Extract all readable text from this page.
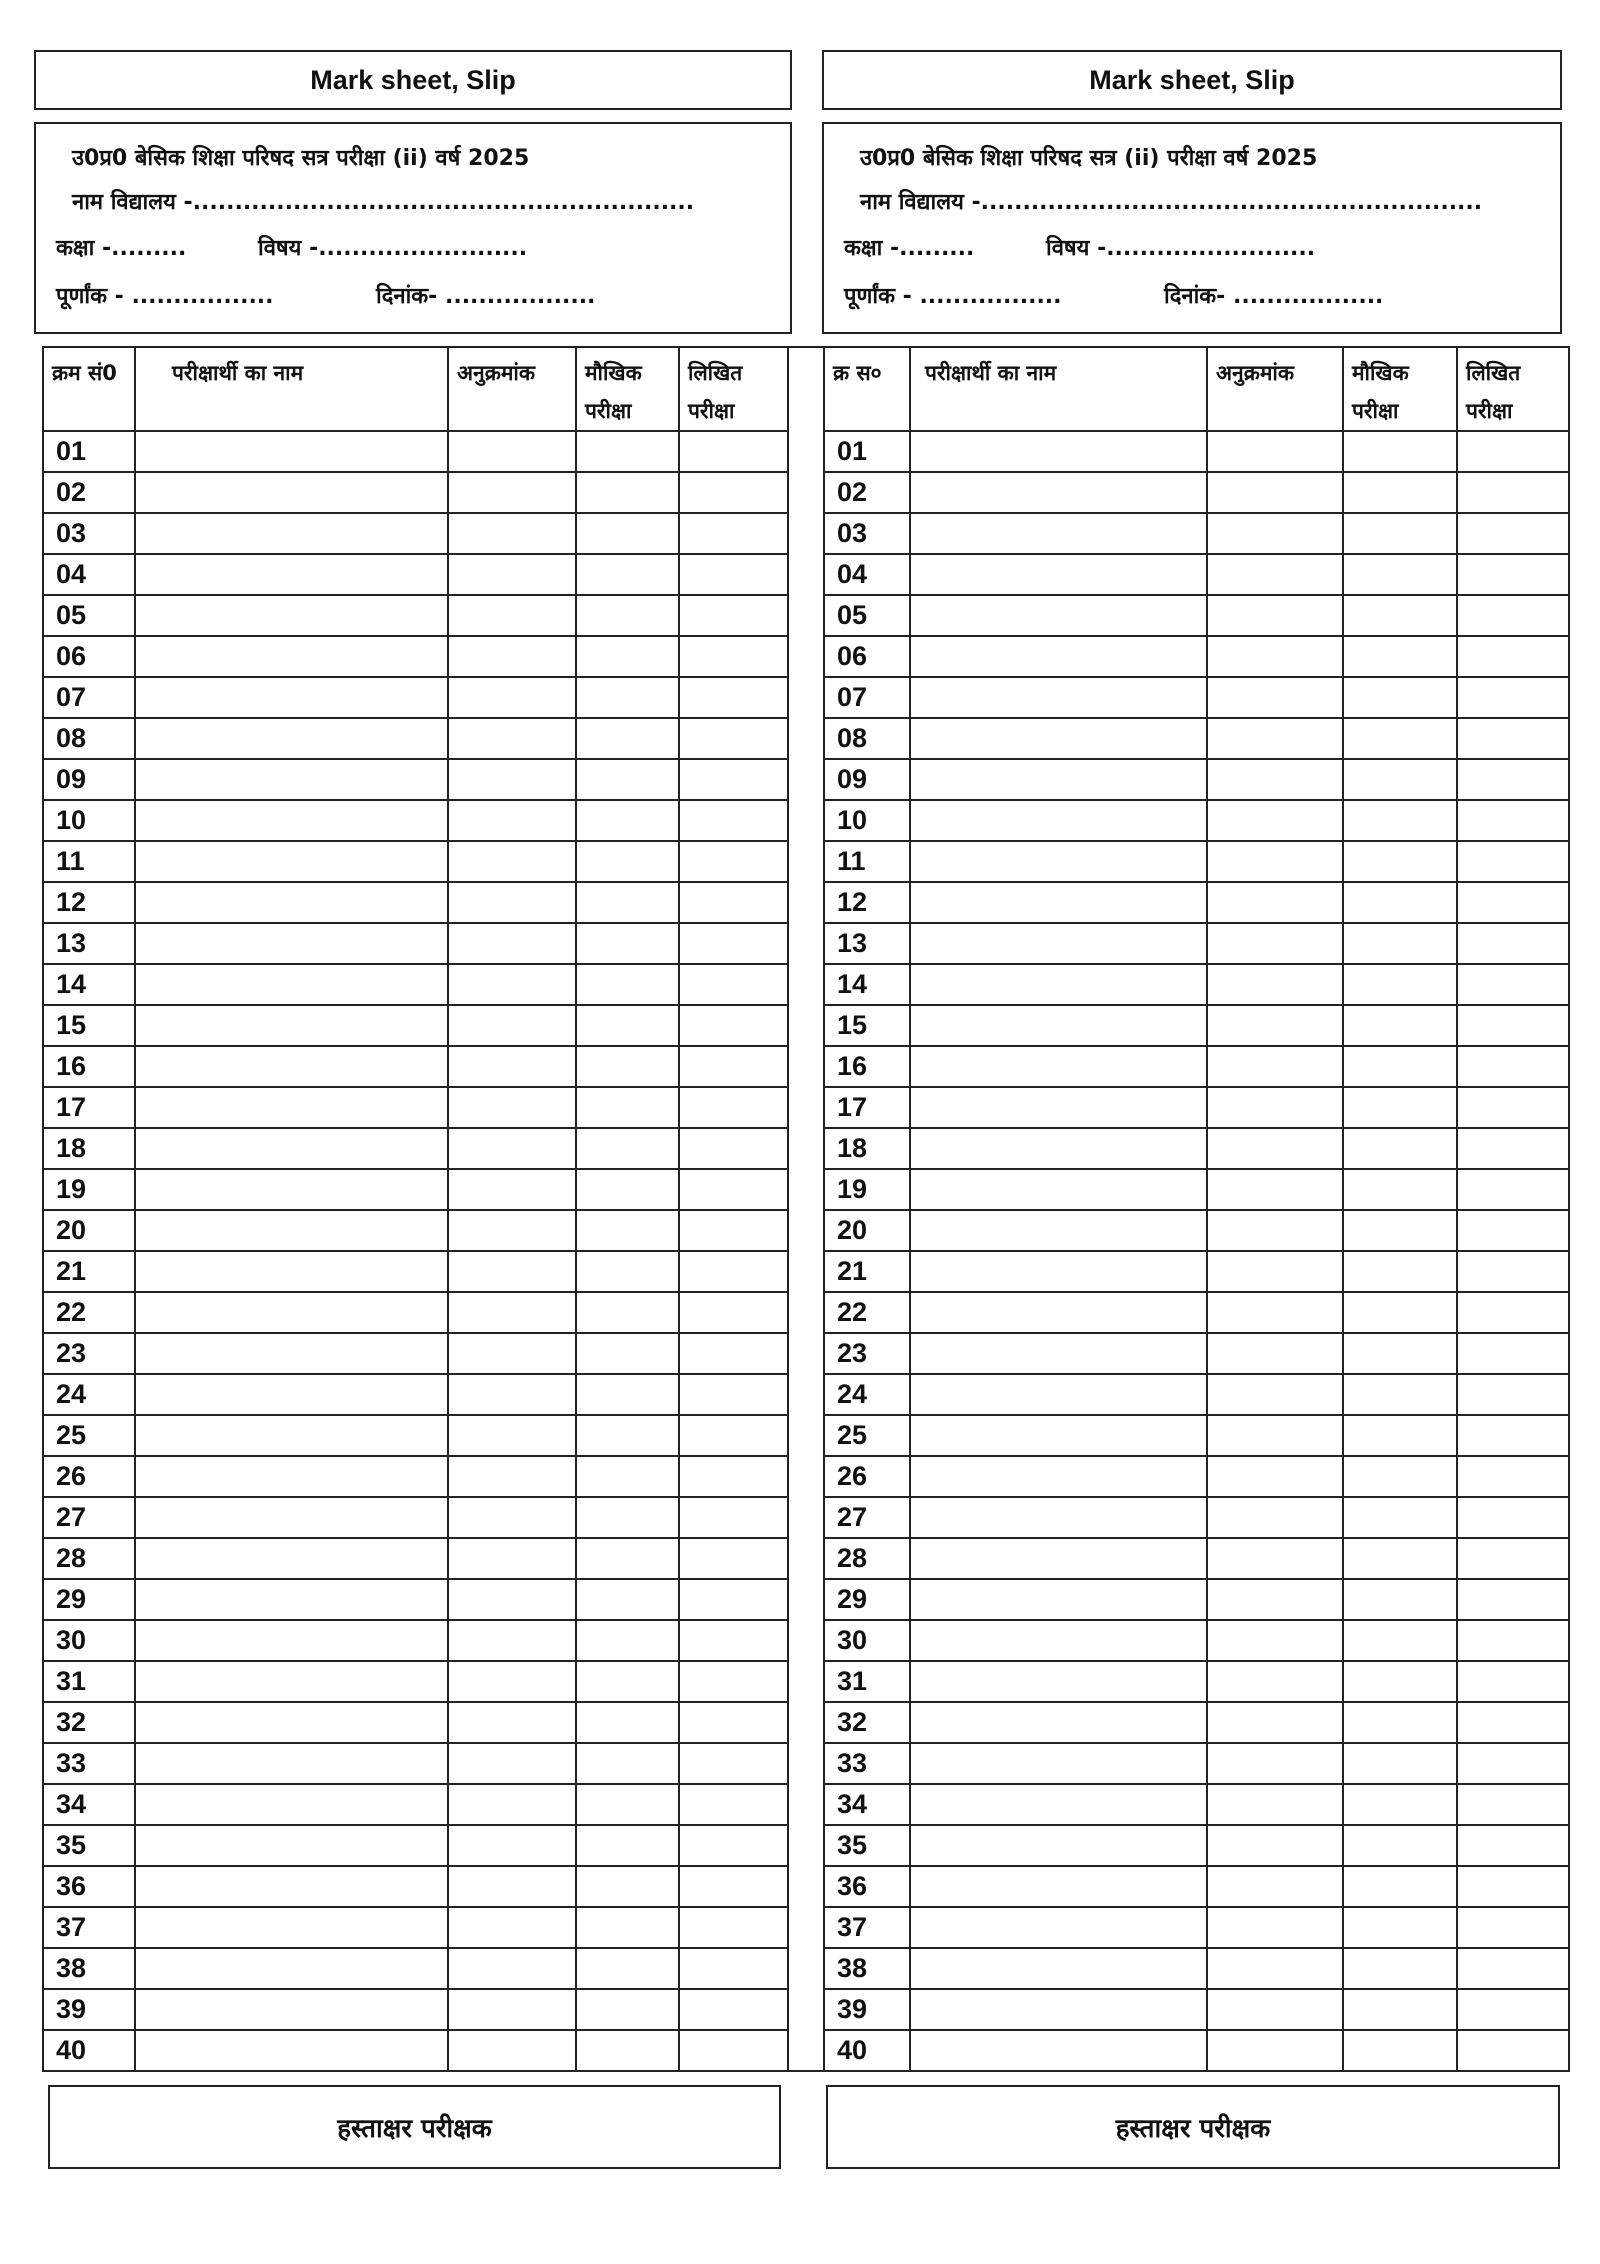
Mark sheet, Slip
उ0प्र0 बेसिक शिक्षा परिषद सत्र परीक्षा (ii) वर्ष 2025
नाम विद्यालय -............................................................
कक्षा -.........	विषय -.........................
पूर्णांक - .................	दिनांक- ..................
क्रम सं0	परीक्षार्थी का नाम	अनुक्रमांक	मौखिक परीक्षा	लिखित परीक्षा
01				
02				
03				
04				
05				
06				
07				
08				
09				
10				
11				
12				
13				
14				
15				
16				
17				
18				
19				
20				
21				
22				
23				
24				
25				
26				
27				
28				
29				
30				
31				
32				
33				
34				
35				
36				
37				
38				
39				
40				
Mark sheet, Slip
उ0प्र0 बेसिक शिक्षा परिषद सत्र (ii) परीक्षा वर्ष 2025
नाम विद्यालय -............................................................
कक्षा -.........	विषय -.........................
पूर्णांक - .................	दिनांक- ..................
क्र स०	परीक्षार्थी का नाम	अनुक्रमांक	मौखिक परीक्षा	लिखित परीक्षा
01				
02				
03				
04				
05				
06				
07				
08				
09				
10				
11				
12				
13				
14				
15				
16				
17				
18				
19				
20				
21				
22				
23				
24				
25				
26				
27				
28				
29				
30				
31				
32				
33				
34				
35				
36				
37				
38				
39				
40				
हस्ताक्षर परीक्षक	हस्ताक्षर परीक्षक
